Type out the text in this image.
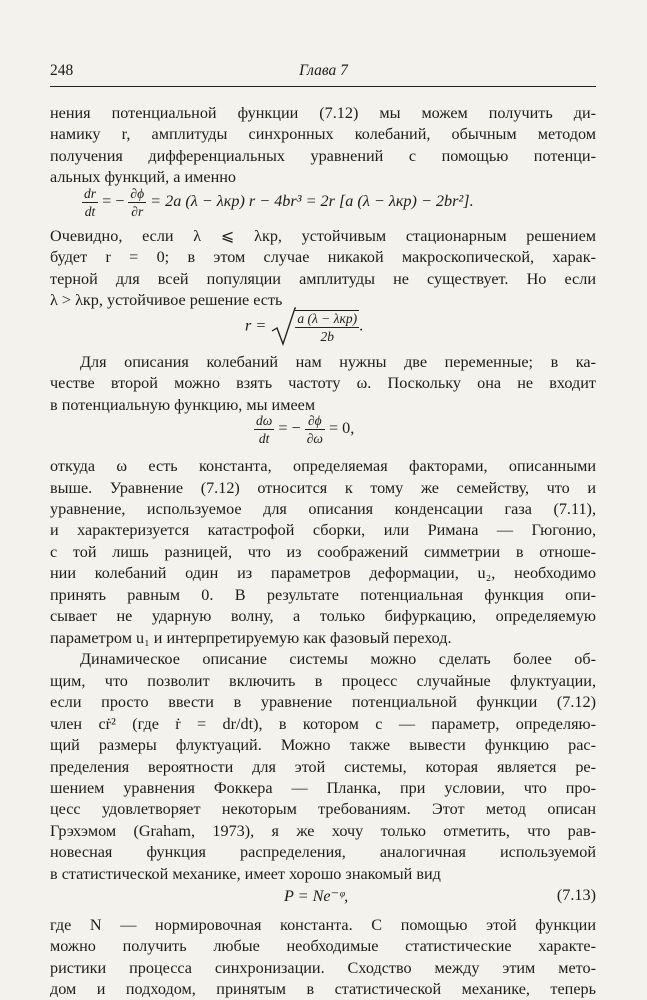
248	Глава 7
нения потенциальной функции (7.12) мы можем получить ди-
намику r, амплитуды синхронных колебаний, обычным методом
получения дифференциальных уравнений с помощью потенци-
альных функций, а именно
$\frac{dr}{dt}$ = − $\frac{\partial\phi}{\partial r} = 2a$ (λ − λкр) r − 4br³ = 2r [a (λ − λкр) − 2br²].
Очевидно, если λ ⩽ λкр, устойчивым стационарным решением
будет r = 0; в этом случае никакой макроскопической, харак-
терной для всей популяции амплитуды не существует. Но если
λ > λкр, устойчивое решение есть
$r = \frac{\text{a (λ − λкр)}}{2b}$ .
Для описания колебаний нам нужны две переменные; в ка-
честве второй можно взять частоту ω. Поскольку она не входит
в потенциальную функцию, мы имеем
$\frac{d\omega}{dt}$ = − $\frac{\partial\phi}{\partial\omega} = 0$,
откуда ω есть константа, определяемая факторами, описанными
выше. Уравнение (7.12) относится к тому же семейству, что и
уравнение, используемое для описания конденсации газа (7.11),
и характеризуется катастрофой сборки, или Римана — Гюгонио,
с той лишь разницей, что из соображений симметрии в отноше-
нии колебаний один из параметров деформации, u₂, необходимо
принять равным 0. В результате потенциальная функция опи-
сывает не ударную волну, а только бифуркацию, определяемую
параметром u₁ и интерпретируемую как фазовый переход.
Динамическое описание системы можно сделать более об-
щим, что позволит включить в процесс случайные флуктуации,
если просто ввести в уравнение потенциальной функции (7.12)
член cṙ² (где ṙ = dr/dt), в котором c — параметр, определяю-
щий размеры флуктуаций. Можно также вывести функцию рас-
пределения вероятности для этой системы, которая является ре-
шением уравнения Фоккера — Планка, при условии, что про-
цесс удовлетворяет некоторым требованиям. Этот метод описан
Грэхэмом (Graham, 1973), я же хочу только отметить, что рав-
новесная функция распределения, аналогичная используемой
в статистической механике, имеет хорошо знакомый вид
P = Ne⁻ᵠ,	(7.13)
где N — нормировочная константа. С помощью этой функции
можно получить любые необходимые статистические характе-
ристики процесса синхронизации. Сходство между этим мето-
дом и подходом, принятым в статистической механике, теперь
